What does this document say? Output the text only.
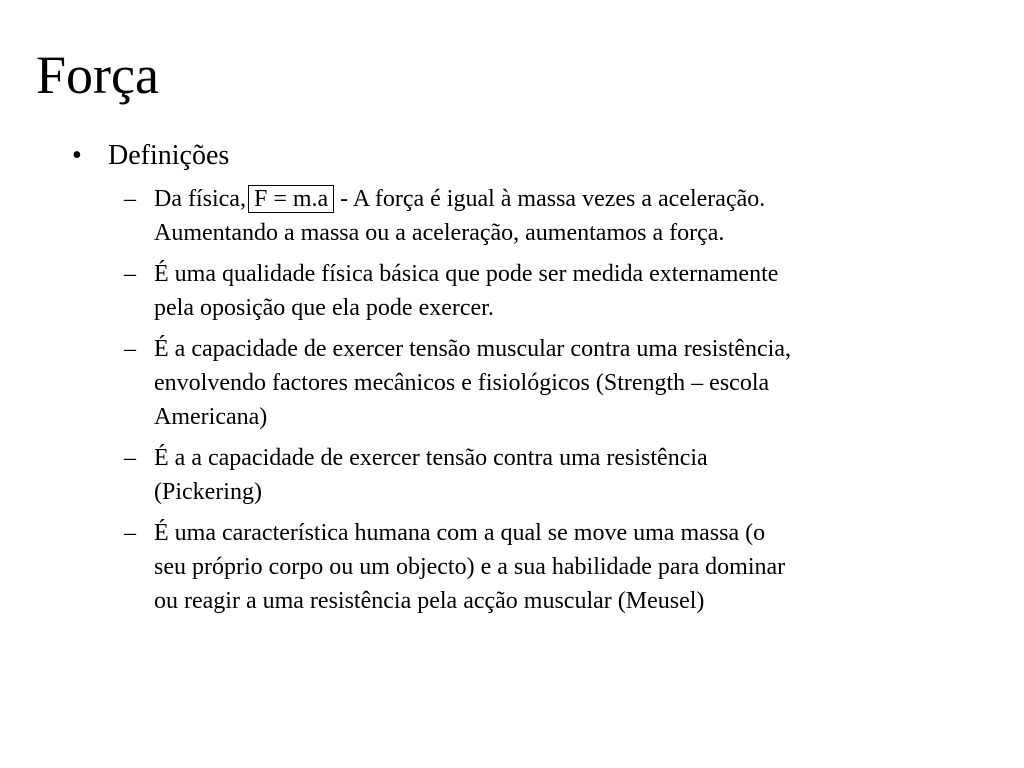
Força
• Definições
– Da física, F = m.a - A força é igual à massa vezes a aceleração.
Aumentando a massa ou a aceleração, aumentamos a força.
– É uma qualidade física básica que pode ser medida externamente
pela oposição que ela pode exercer.
– É a capacidade de exercer tensão muscular contra uma resistência,
envolvendo factores mecânicos e fisiológicos (Strength – escola
Americana)
– É a a capacidade de exercer tensão contra uma resistência
(Pickering)
– É uma característica humana com a qual se move uma massa (o
seu próprio corpo ou um objecto) e a sua habilidade para dominar
ou reagir a uma resistência pela acção muscular (Meusel)
